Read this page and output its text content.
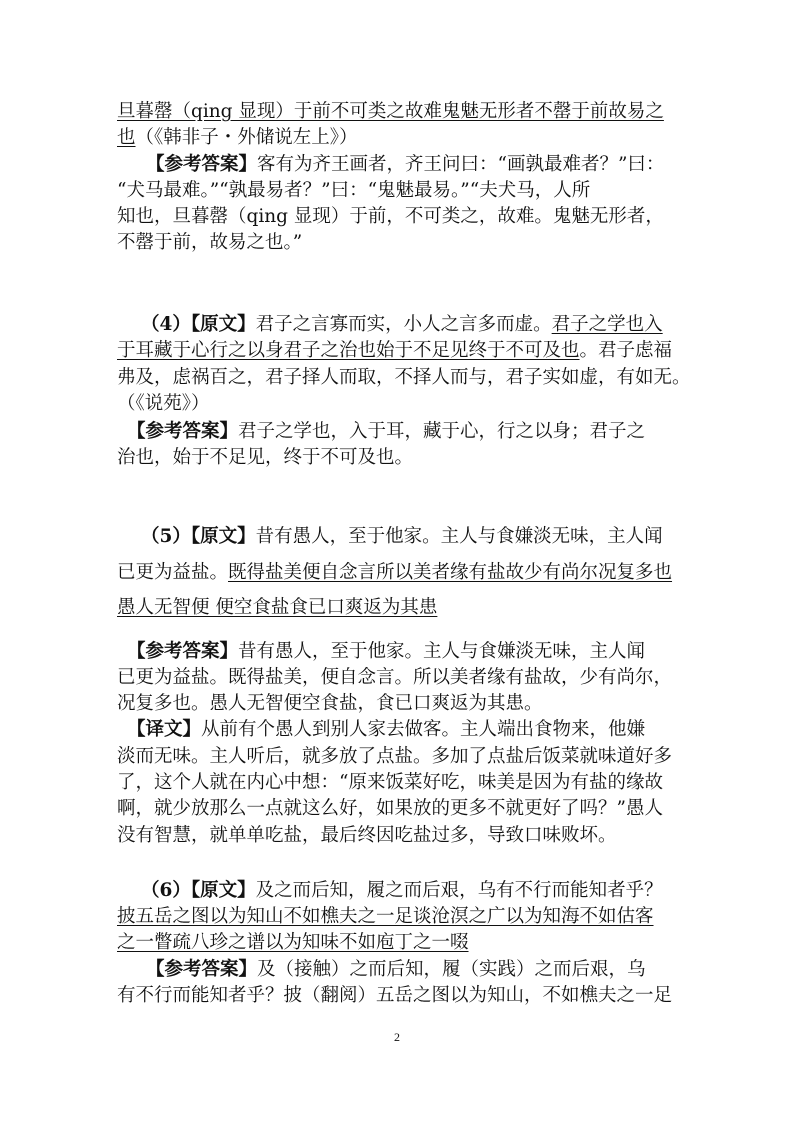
旦暮罄（qing 显现）于前不可类之故难鬼魅无形者不罄于前故易之
也（《韩非子・外储说左上》）
【参考答案】客有为齐王画者，齐王问曰：“画孰最难者？”曰：
“犬马最难。”“孰最易者？”曰：“鬼魅最易。”“夫犬马，人所
知也，旦暮罄（qing 显现）于前，不可类之，故难。鬼魅无形者，
不罄于前，故易之也。”
（4）【原文】君子之言寡而实，小人之言多而虚。君子之学也入
于耳藏于心行之以身君子之治也始于不足见终于不可及也。君子虑福
弗及，虑祸百之，君子择人而取，不择人而与，君子实如虚，有如无。
（《说苑》）
【参考答案】君子之学也，入于耳，藏于心，行之以身；君子之
治也，始于不足见，终于不可及也。
（5）【原文】昔有愚人，至于他家。主人与食嫌淡无味，主人闻
已更为益盐。既得盐美便自念言所以美者缘有盐故少有尚尔况复多也
愚人无智便 便空食盐食已口爽返为其患
【参考答案】昔有愚人，至于他家。主人与食嫌淡无味，主人闻
已更为益盐。既得盐美，便自念言。所以美者缘有盐故，少有尚尔，
况复多也。愚人无智便空食盐，食已口爽返为其患。
【译文】从前有个愚人到别人家去做客。主人端出食物来，他嫌
淡而无味。主人听后，就多放了点盐。多加了点盐后饭菜就味道好多
了，这个人就在内心中想：“原来饭菜好吃，味美是因为有盐的缘故
啊，就少放那么一点就这么好，如果放的更多不就更好了吗？”愚人
没有智慧，就单单吃盐，最后终因吃盐过多，导致口味败坏。
（6）【原文】及之而后知，履之而后艰，乌有不行而能知者乎？
披五岳之图以为知山不如樵夫之一足谈沧溟之广以为知海不如估客
之一瞥疏八珍之谱以为知味不如庖丁之一啜
【参考答案】及（接触）之而后知，履（实践）之而后艰，乌
有不行而能知者乎？披（翻阅）五岳之图以为知山，不如樵夫之一足
2
